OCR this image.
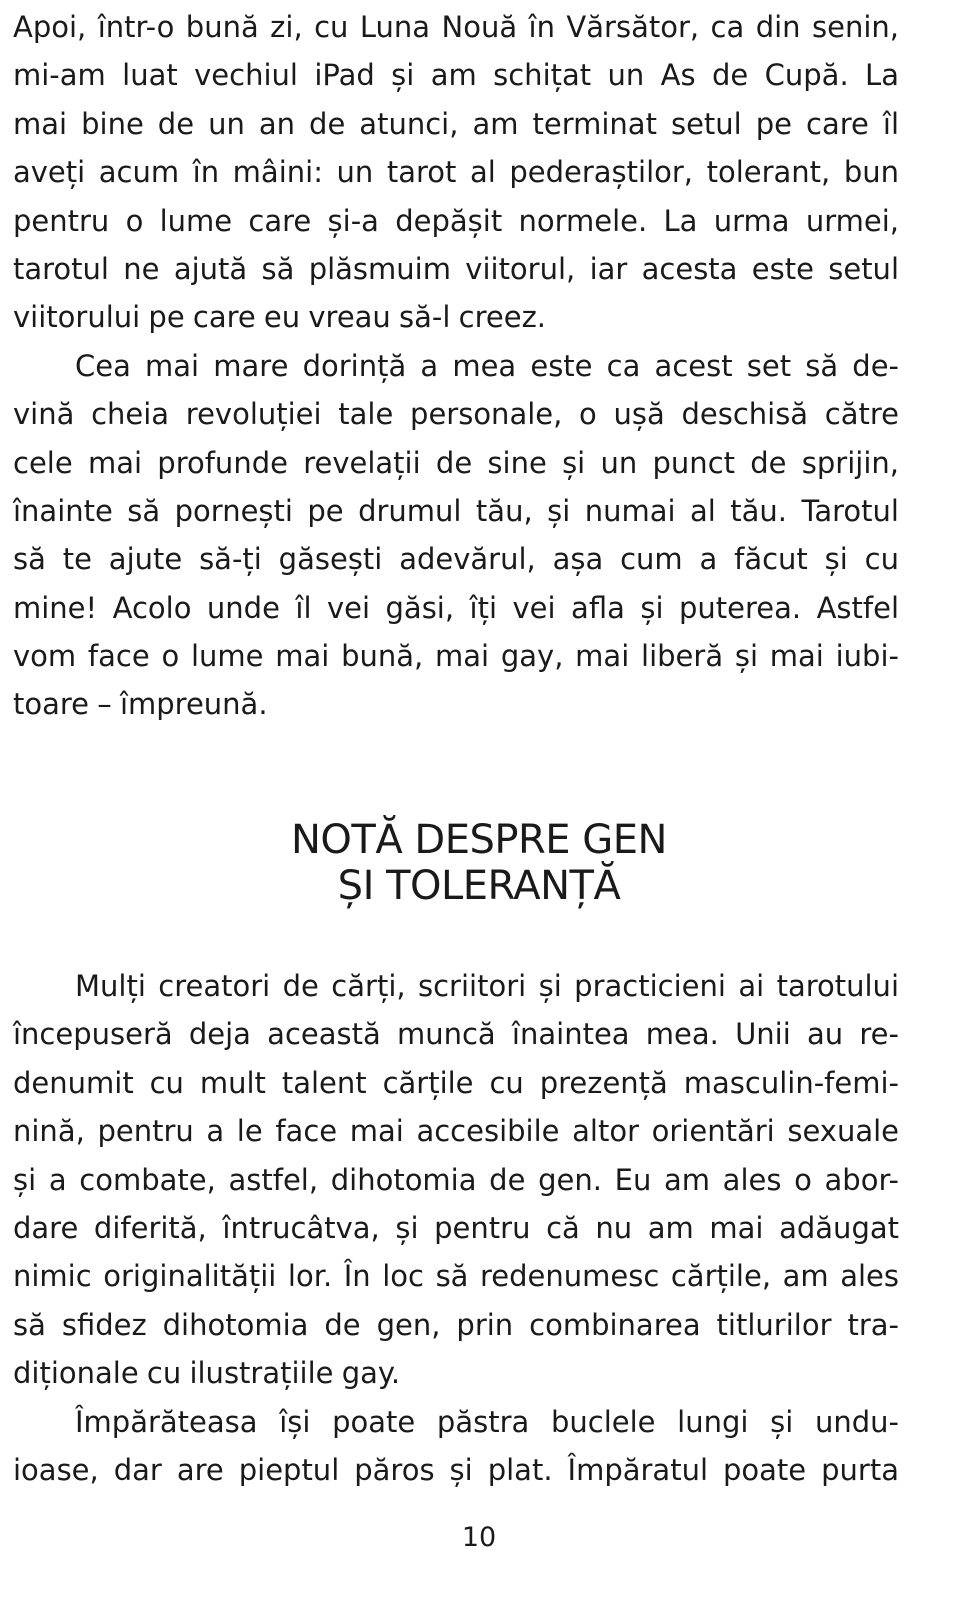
Apoi, într-o bună zi, cu Luna Nouă în Vărsător, ca din senin,
mi-am luat vechiul iPad și am schițat un As de Cupă. La
mai bine de un an de atunci, am terminat setul pe care îl
aveți acum în mâini: un tarot al pederaștilor, tolerant, bun
pentru o lume care și-a depășit normele. La urma urmei,
tarotul ne ajută să plăsmuim viitorul, iar acesta este setul
viitorului pe care eu vreau să-l creez.
Cea mai mare dorință a mea este ca acest set să de-
vină cheia revoluției tale personale, o ușă deschisă către
cele mai profunde revelații de sine și un punct de sprijin,
înainte să pornești pe drumul tău, și numai al tău. Tarotul
să te ajute să-ți găsești adevărul, așa cum a făcut și cu
mine! Acolo unde îl vei găsi, îți vei afla și puterea. Astfel
vom face o lume mai bună, mai gay, mai liberă și mai iubi-
toare – împreună.
NOTĂ DESPRE GEN
ȘI TOLERANȚĂ
Mulți creatori de cărți, scriitori și practicieni ai tarotului
începuseră deja această muncă înaintea mea. Unii au re-
denumit cu mult talent cărțile cu prezență masculin-femi-
nină, pentru a le face mai accesibile altor orientări sexuale
și a combate, astfel, dihotomia de gen. Eu am ales o abor-
dare diferită, întrucâtva, și pentru că nu am mai adăugat
nimic originalității lor. În loc să redenumesc cărțile, am ales
să sfidez dihotomia de gen, prin combinarea titlurilor tra-
diționale cu ilustrațiile gay.
Împărăteasa își poate păstra buclele lungi și undu-
ioase, dar are pieptul păros și plat. Împăratul poate purta
10
